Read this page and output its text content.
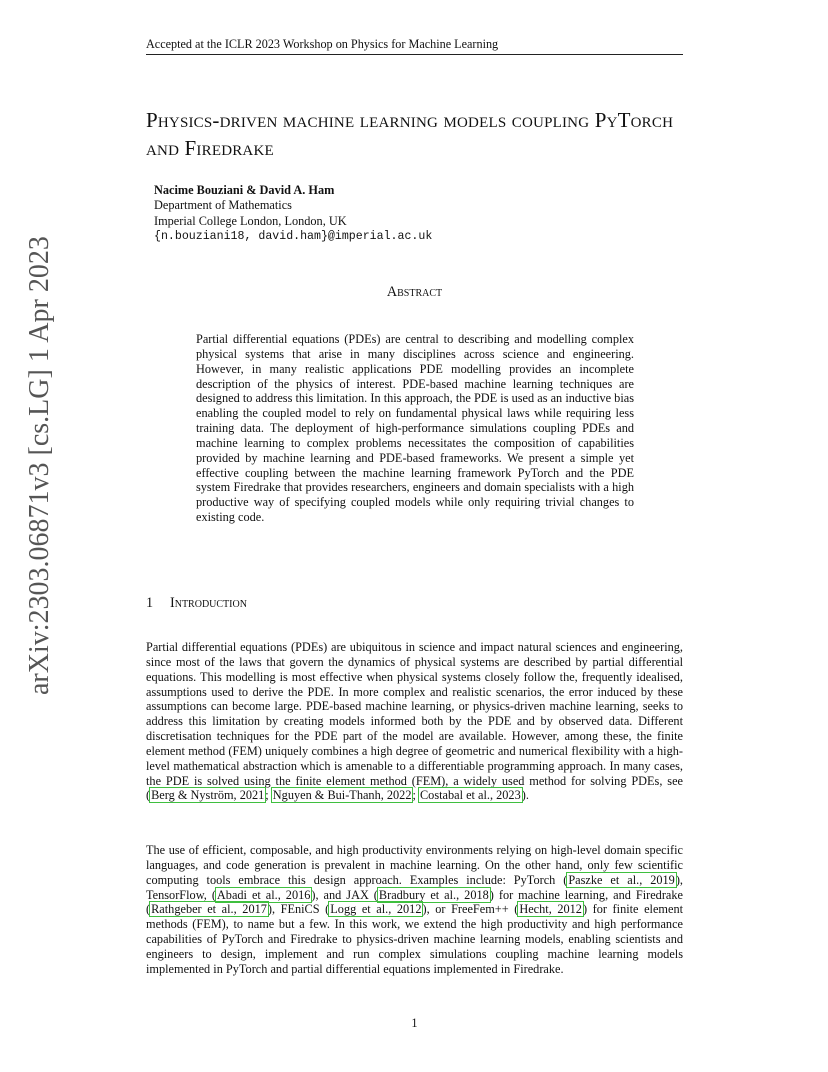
Accepted at the ICLR 2023 Workshop on Physics for Machine Learning
arXiv:2303.06871v3 [cs.LG] 1 Apr 2023
Physics-driven machine learning models coupling PyTorch and Firedrake
Nacime Bouziani & David A. Ham
Department of Mathematics
Imperial College London, London, UK
{n.bouziani18, david.ham}@imperial.ac.uk
Abstract

Partial differential equations (PDEs) are central to describing and modelling complex physical systems that arise in many disciplines across science and engineering. However, in many realistic applications PDE modelling provides an incomplete description of the physics of interest. PDE-based machine learning techniques are designed to address this limitation. In this approach, the PDE is used as an inductive bias enabling the coupled model to rely on fundamental physical laws while requiring less training data. The deployment of high-performance simulations coupling PDEs and machine learning to complex problems necessitates the composition of capabilities provided by machine learning and PDE-based frameworks. We present a simple yet effective coupling between the machine learning framework PyTorch and the PDE system Firedrake that provides researchers, engineers and domain specialists with a high productive way of specifying coupled models while only requiring trivial changes to existing code.

1 Introduction

Partial differential equations (PDEs) are ubiquitous in science and impact natural sciences and engineering, since most of the laws that govern the dynamics of physical systems are described by partial differential equations. This modelling is most effective when physical systems closely follow the, frequently idealised, assumptions used to derive the PDE. In more complex and realistic scenarios, the error induced by these assumptions can become large. PDE-based machine learning, or physics-driven machine learning, seeks to address this limitation by creating models informed both by the PDE and by observed data. Different discretisation techniques for the PDE part of the model are available. However, among these, the finite element method (FEM) uniquely combines a high degree of geometric and numerical flexibility with a high-level mathematical abstraction which is amenable to a differentiable programming approach. In many cases, the PDE is solved using the finite element method (FEM), a widely used method for solving PDEs, see (Berg & Nyström, 2021; Nguyen & Bui-Thanh, 2022; Costabal et al., 2023).

The use of efficient, composable, and high productivity environments relying on high-level domain specific languages, and code generation is prevalent in machine learning. On the other hand, only few scientific computing tools embrace this design approach. Examples include: PyTorch (Paszke et al., 2019), TensorFlow, (Abadi et al., 2016), and JAX (Bradbury et al., 2018) for machine learning, and Firedrake (Rathgeber et al., 2017), FEniCS (Logg et al., 2012), or FreeFem++ (Hecht, 2012) for finite element methods (FEM), to name but a few. In this work, we extend the high productivity and high performance capabilities of PyTorch and Firedrake to physics-driven machine learning models, enabling scientists and engineers to design, implement and run complex simulations coupling machine learning models implemented in PyTorch and partial differential equations implemented in Firedrake.

1
